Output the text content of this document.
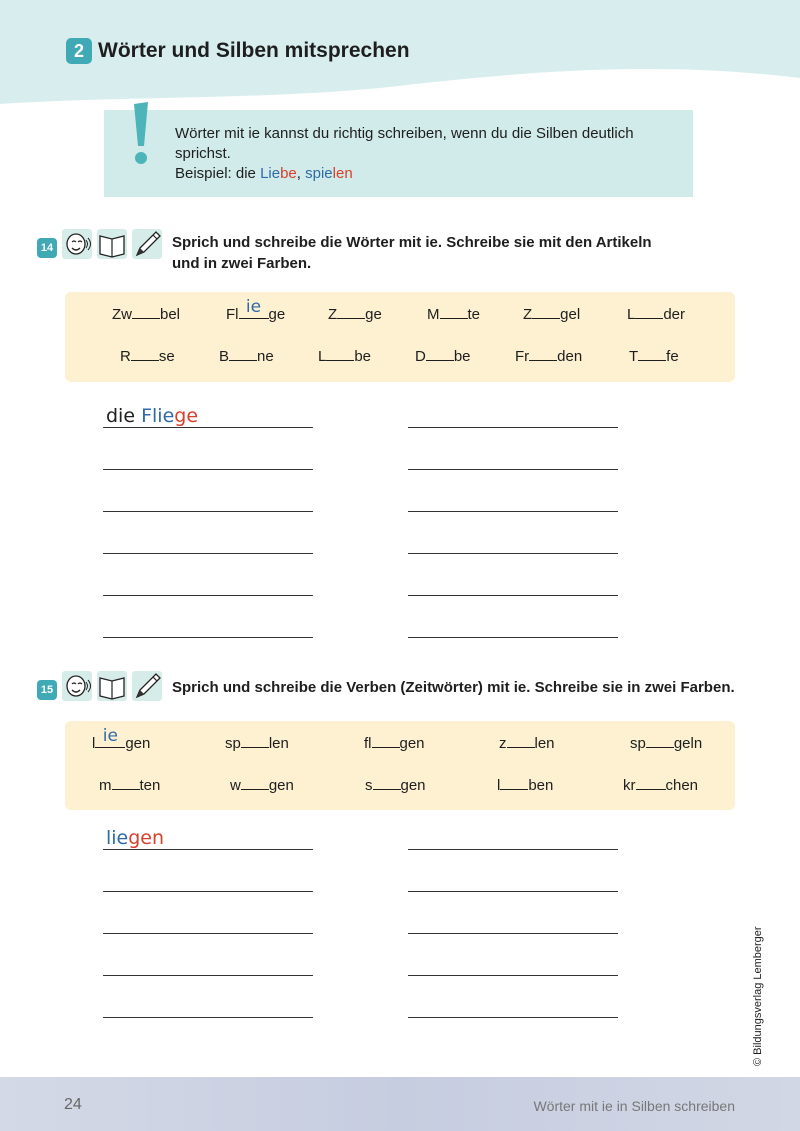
2 Wörter und Silben mitsprechen
Wörter mit ie kannst du richtig schreiben, wenn du die Silben deutlich
sprichst.
Beispiel: die Liebe, spielen
14	Sprich und schreibe die Wörter mit ie. Schreibe sie mit den Artikeln
und in zwei Farben.
Zw bel	Fl ie ge	Z ge	M te	Z gel	L der
R se	B ne	L be	D be	Fr den	T fe
die Fliege
15	Sprich und schreibe die Verben (Zeitwörter) mit ie. Schreibe sie in zwei Farben.
l ie gen	sp len	fl gen	z len	sp geln
m ten	w gen	s gen	l ben	kr chen
liegen
© Bildungsverlag Lemberger
24	Wörter mit ie in Silben schreiben
